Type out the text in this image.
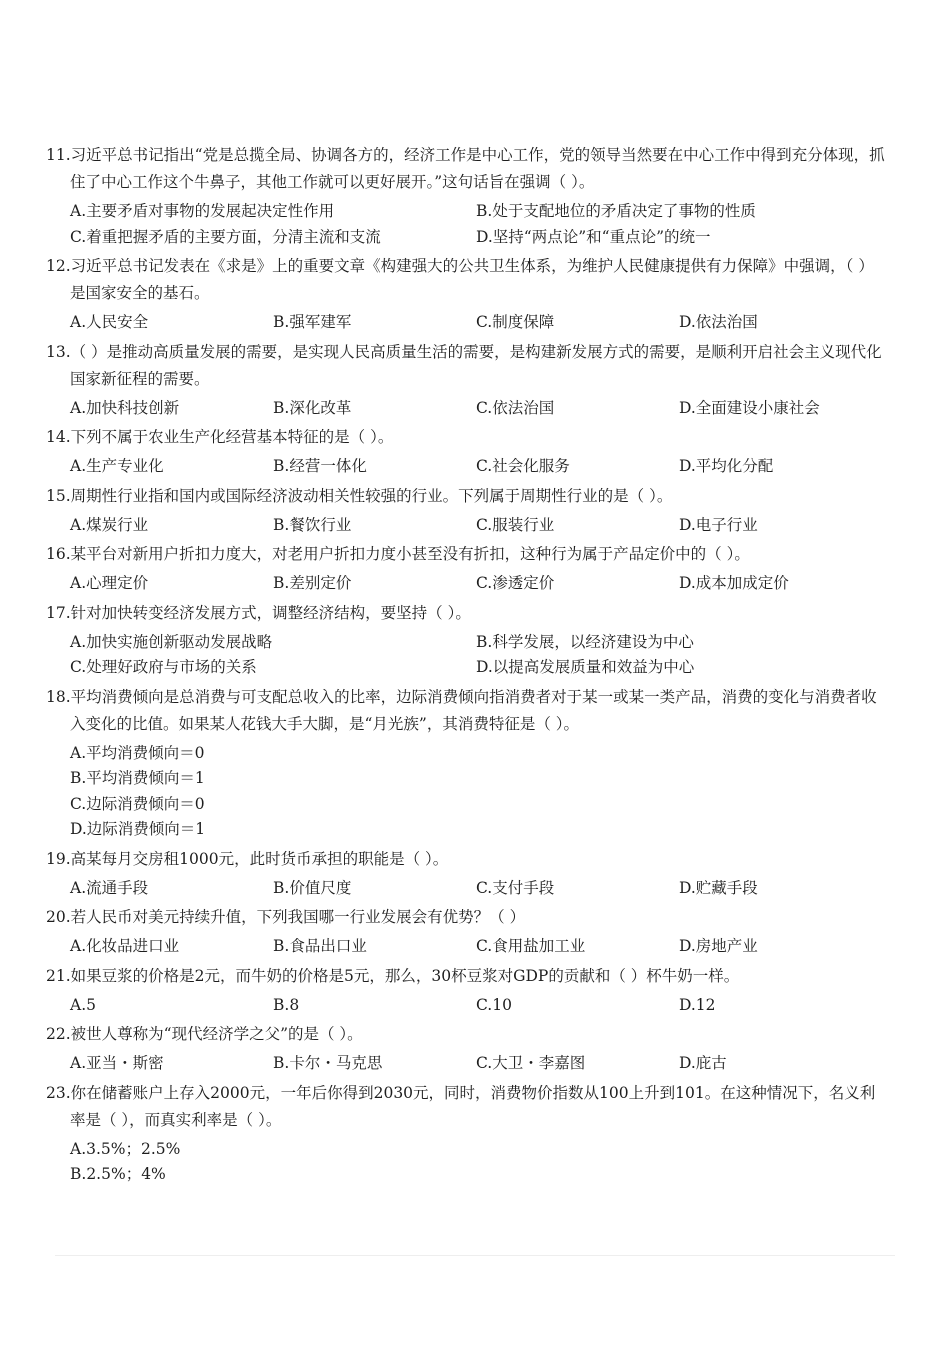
11.习近平总书记指出“党是总揽全局、协调各方的，经济工作是中心工作，党的领导当然要在中心工作中得到充分体现，抓住了中心工作这个牛鼻子，其他工作就可以更好展开。”这句话旨在强调（ ）。
A.主要矛盾对事物的发展起决定性作用	B.处于支配地位的矛盾决定了事物的性质
C.着重把握矛盾的主要方面，分清主流和支流	D.坚持“两点论”和“重点论”的统一
12.习近平总书记发表在《求是》上的重要文章《构建强大的公共卫生体系，为维护人民健康提供有力保障》中强调，（ ）是国家安全的基石。
A.人民安全	B.强军建军	C.制度保障	D.依法治国
13.（ ）是推动高质量发展的需要，是实现人民高质量生活的需要，是构建新发展方式的需要，是顺利开启社会主义现代化国家新征程的需要。
A.加快科技创新	B.深化改革	C.依法治国	D.全面建设小康社会
14.下列不属于农业生产化经营基本特征的是（ ）。
A.生产专业化	B.经营一体化	C.社会化服务	D.平均化分配
15.周期性行业指和国内或国际经济波动相关性较强的行业。下列属于周期性行业的是（ ）。
A.煤炭行业	B.餐饮行业	C.服装行业	D.电子行业
16.某平台对新用户折扣力度大，对老用户折扣力度小甚至没有折扣，这种行为属于产品定价中的（ ）。
A.心理定价	B.差别定价	C.渗透定价	D.成本加成定价
17.针对加快转变经济发展方式，调整经济结构，要坚持（ ）。
A.加快实施创新驱动发展战略	B.科学发展，以经济建设为中心
C.处理好政府与市场的关系	D.以提高发展质量和效益为中心
18.平均消费倾向是总消费与可支配总收入的比率，边际消费倾向指消费者对于某一或某一类产品，消费的变化与消费者收入变化的比值。如果某人花钱大手大脚，是“月光族”，其消费特征是（ ）。
A.平均消费倾向＝0
B.平均消费倾向＝1
C.边际消费倾向＝0
D.边际消费倾向＝1
19.高某每月交房租1000元，此时货币承担的职能是（ ）。
A.流通手段	B.价值尺度	C.支付手段	D.贮藏手段
20.若人民币对美元持续升值，下列我国哪一行业发展会有优势？（ ）
A.化妆品进口业	B.食品出口业	C.食用盐加工业	D.房地产业
21.如果豆浆的价格是2元，而牛奶的价格是5元，那么，30杯豆浆对GDP的贡献和（ ）杯牛奶一样。
A.5	B.8	C.10	D.12
22.被世人尊称为“现代经济学之父”的是（ ）。
A.亚当・斯密	B.卡尔・马克思	C.大卫・李嘉图	D.庇古
23.你在储蓄账户上存入2000元，一年后你得到2030元，同时，消费物价指数从100上升到101。在这种情况下，名义利率是（ ），而真实利率是（ ）。
A.3.5%；2.5%
B.2.5%；4%
